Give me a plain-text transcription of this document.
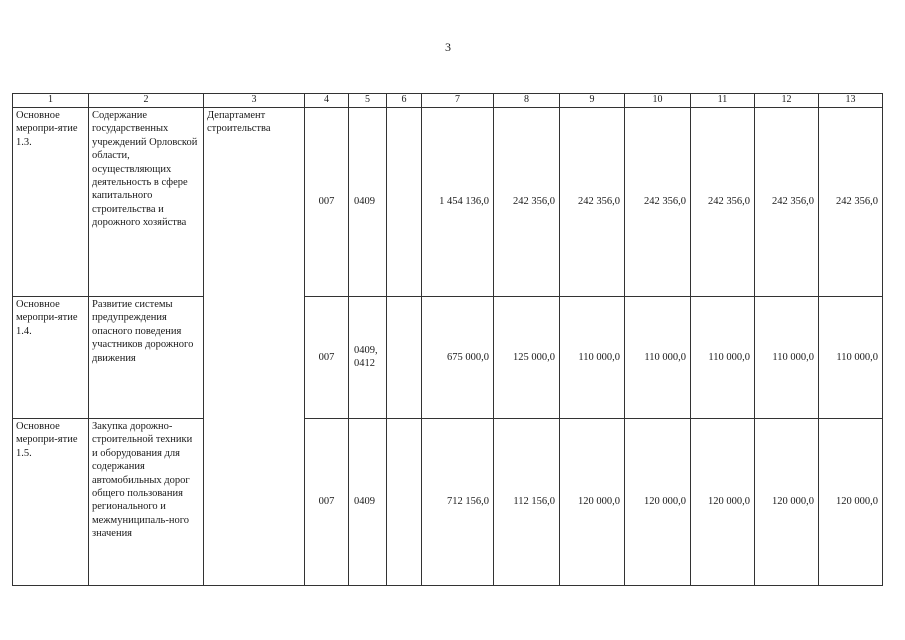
3
1	2	3	4	5	6	7	8	9	10	11	12	13
Основное меропри-ятие 1.3.	Содержание государственных учреждений Орловской области, осуществляющих деятельность в сфере капитального строительства и дорожного хозяйства	Департамент строительства	007	0409		1 454 136,0	242 356,0	242 356,0	242 356,0	242 356,0	242 356,0	242 356,0
Основное меропри-ятие 1.4.	Развитие системы предупреждения опасного поведения участников дорожного движения		007	0409, 0412		675 000,0	125 000,0	110 000,0	110 000,0	110 000,0	110 000,0	110 000,0
Основное меропри-ятие 1.5.	Закупка дорожно-строительной техники и оборудования для содержания автомобильных дорог общего пользования регионального и межмуниципаль-ного значения		007	0409		712 156,0	112 156,0	120 000,0	120 000,0	120 000,0	120 000,0	120 000,0
